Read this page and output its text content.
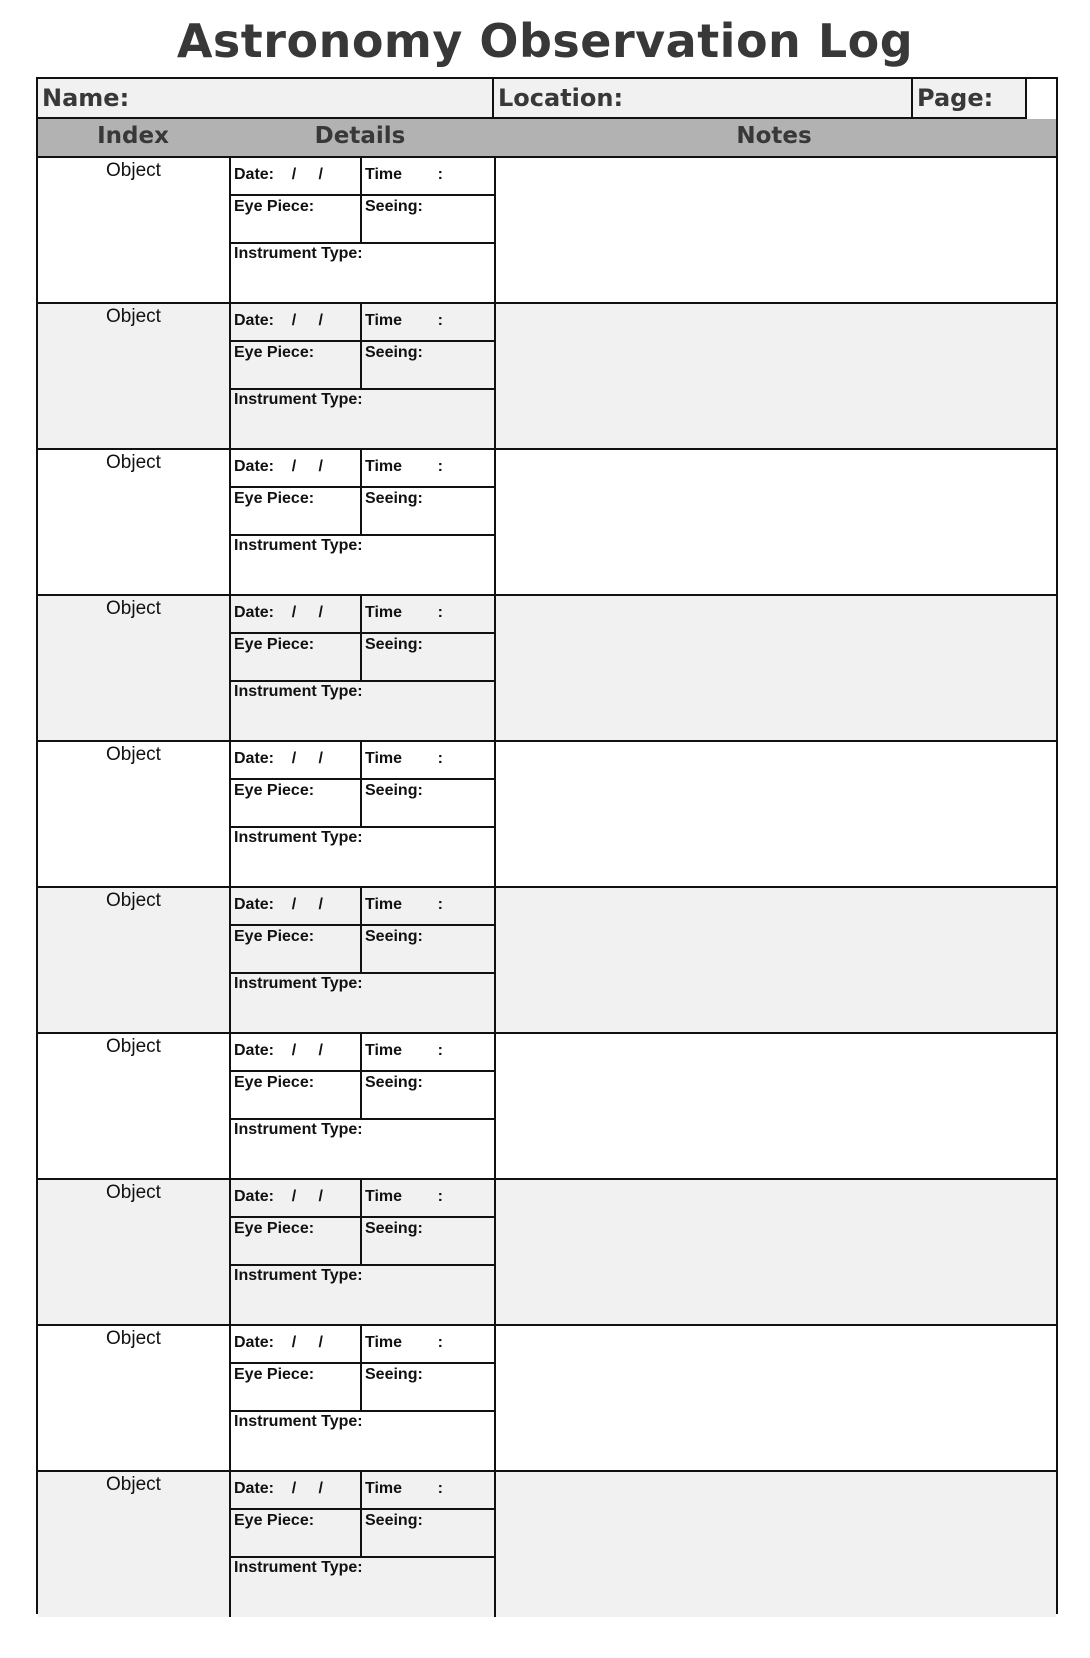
Astronomy Observation Log
Name:	Location:	Page:
Index	Details	Notes
Object	Date:    /     /	Time        :
Eye Piece:	Seeing:
Instrument Type:
Object	Date:    /     /	Time        :
Eye Piece:	Seeing:
Instrument Type:
Object	Date:    /     /	Time        :
Eye Piece:	Seeing:
Instrument Type:
Object	Date:    /     /	Time        :
Eye Piece:	Seeing:
Instrument Type:
Object	Date:    /     /	Time        :
Eye Piece:	Seeing:
Instrument Type:
Object	Date:    /     /	Time        :
Eye Piece:	Seeing:
Instrument Type:
Object	Date:    /     /	Time        :
Eye Piece:	Seeing:
Instrument Type:
Object	Date:    /     /	Time        :
Eye Piece:	Seeing:
Instrument Type:
Object	Date:    /     /	Time        :
Eye Piece:	Seeing:
Instrument Type:
Object	Date:    /     /	Time        :
Eye Piece:	Seeing:
Instrument Type:
